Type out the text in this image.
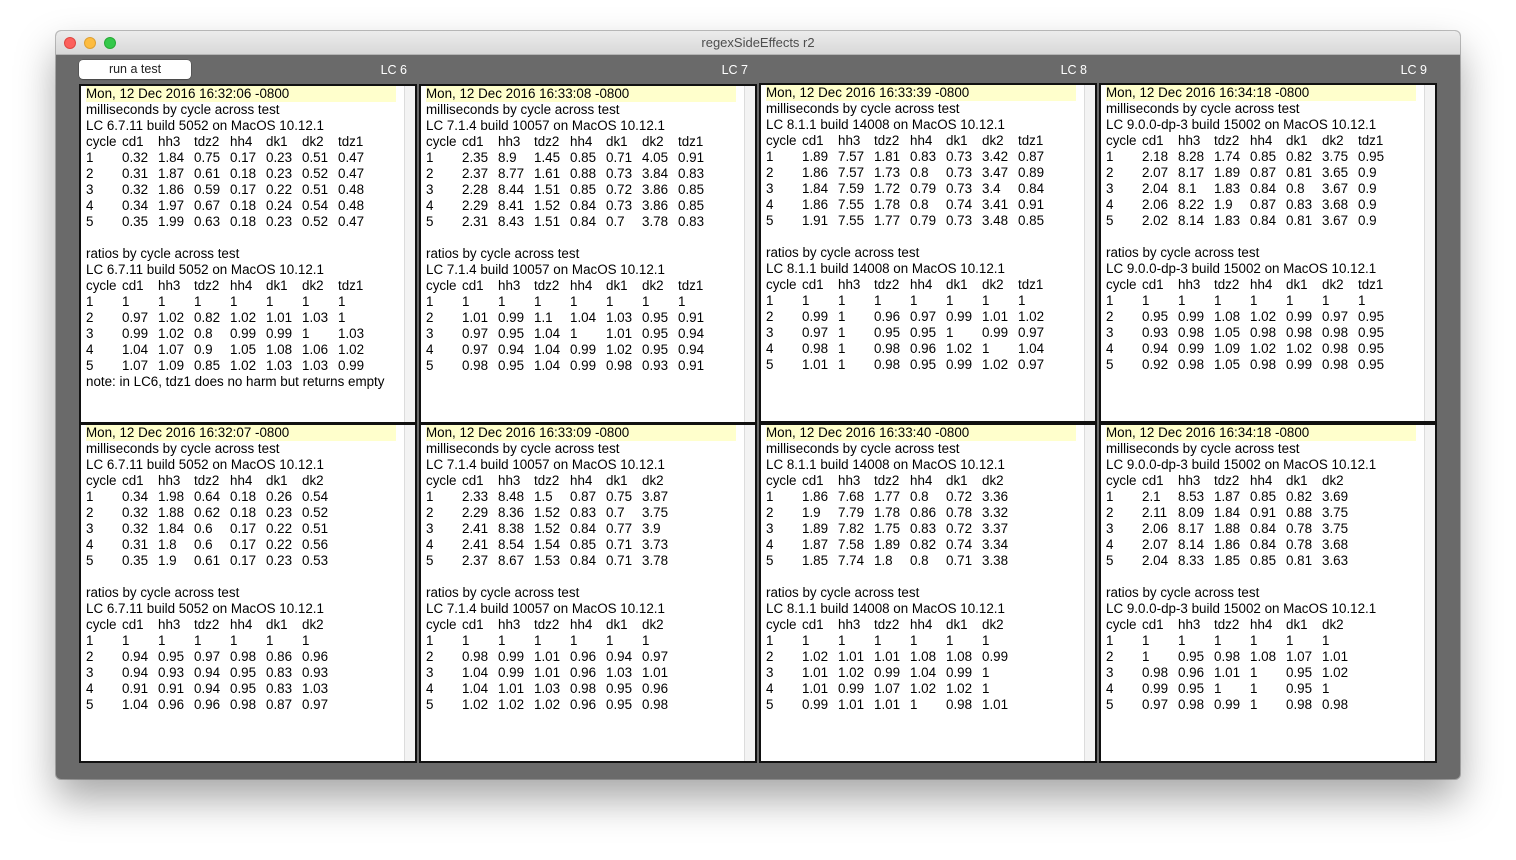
regexSideEffects r2
run a test	LC 6	LC 7	LC 8	LC 9
Mon, 12 Dec 2016 16:32:06 -0800
milliseconds by cycle across test
LC 6.7.11 build 5052 on MacOS 10.12.1
cycle cd1 hh3 tdz2 hh4 dk1 dk2 tdz1
1 0.32 1.84 0.75 0.17 0.23 0.51 0.47
2 0.31 1.87 0.61 0.18 0.23 0.52 0.47
3 0.32 1.86 0.59 0.17 0.22 0.51 0.48
4 0.34 1.97 0.67 0.18 0.24 0.54 0.48
5 0.35 1.99 0.63 0.18 0.23 0.52 0.47
ratios by cycle across test
LC 6.7.11 build 5052 on MacOS 10.12.1
cycle cd1 hh3 tdz2 hh4 dk1 dk2 tdz1
1 1 1 1 1 1 1 1
2 0.97 1.02 0.82 1.02 1.01 1.03 1
3 0.99 1.02 0.8 0.99 0.99 1 1.03
4 1.04 1.07 0.9 1.05 1.08 1.06 1.02
5 1.07 1.09 0.85 1.02 1.03 1.03 0.99
note: in LC6, tdz1 does no harm but returns empty
Mon, 12 Dec 2016 16:33:08 -0800
milliseconds by cycle across test
LC 7.1.4 build 10057 on MacOS 10.12.1
cycle cd1 hh3 tdz2 hh4 dk1 dk2 tdz1
1 2.35 8.9 1.45 0.85 0.71 4.05 0.91
2 2.37 8.77 1.61 0.88 0.73 3.84 0.83
3 2.28 8.44 1.51 0.85 0.72 3.86 0.85
4 2.29 8.41 1.52 0.84 0.73 3.86 0.85
5 2.31 8.43 1.51 0.84 0.7 3.78 0.83
ratios by cycle across test
LC 7.1.4 build 10057 on MacOS 10.12.1
cycle cd1 hh3 tdz2 hh4 dk1 dk2 tdz1
1 1 1 1 1 1 1 1
2 1.01 0.99 1.1 1.04 1.03 0.95 0.91
3 0.97 0.95 1.04 1 1.01 0.95 0.94
4 0.97 0.94 1.04 0.99 1.02 0.95 0.94
5 0.98 0.95 1.04 0.99 0.98 0.93 0.91
Mon, 12 Dec 2016 16:33:39 -0800
milliseconds by cycle across test
LC 8.1.1 build 14008 on MacOS 10.12.1
cycle cd1 hh3 tdz2 hh4 dk1 dk2 tdz1
1 1.89 7.57 1.81 0.83 0.73 3.42 0.87
2 1.86 7.57 1.73 0.8 0.73 3.47 0.89
3 1.84 7.59 1.72 0.79 0.73 3.4 0.84
4 1.86 7.55 1.78 0.8 0.74 3.41 0.91
5 1.91 7.55 1.77 0.79 0.73 3.48 0.85
ratios by cycle across test
LC 8.1.1 build 14008 on MacOS 10.12.1
cycle cd1 hh3 tdz2 hh4 dk1 dk2 tdz1
1 1 1 1 1 1 1 1
2 0.99 1 0.96 0.97 0.99 1.01 1.02
3 0.97 1 0.95 0.95 1 0.99 0.97
4 0.98 1 0.98 0.96 1.02 1 1.04
5 1.01 1 0.98 0.95 0.99 1.02 0.97
Mon, 12 Dec 2016 16:34:18 -0800
milliseconds by cycle across test
LC 9.0.0-dp-3 build 15002 on MacOS 10.12.1
cycle cd1 hh3 tdz2 hh4 dk1 dk2 tdz1
1 2.18 8.28 1.74 0.85 0.82 3.75 0.95
2 2.07 8.17 1.89 0.87 0.81 3.65 0.9
3 2.04 8.1 1.83 0.84 0.8 3.67 0.9
4 2.06 8.22 1.9 0.87 0.83 3.68 0.9
5 2.02 8.14 1.83 0.84 0.81 3.67 0.9
ratios by cycle across test
LC 9.0.0-dp-3 build 15002 on MacOS 10.12.1
cycle cd1 hh3 tdz2 hh4 dk1 dk2 tdz1
1 1 1 1 1 1 1 1
2 0.95 0.99 1.08 1.02 0.99 0.97 0.95
3 0.93 0.98 1.05 0.98 0.98 0.98 0.95
4 0.94 0.99 1.09 1.02 1.02 0.98 0.95
5 0.92 0.98 1.05 0.98 0.99 0.98 0.95
Mon, 12 Dec 2016 16:32:07 -0800
milliseconds by cycle across test
LC 6.7.11 build 5052 on MacOS 10.12.1
cycle cd1 hh3 tdz2 hh4 dk1 dk2
1 0.34 1.98 0.64 0.18 0.26 0.54
2 0.32 1.88 0.62 0.18 0.23 0.52
3 0.32 1.84 0.6 0.17 0.22 0.51
4 0.31 1.8 0.6 0.17 0.22 0.56
5 0.35 1.9 0.61 0.17 0.23 0.53
ratios by cycle across test
LC 6.7.11 build 5052 on MacOS 10.12.1
cycle cd1 hh3 tdz2 hh4 dk1 dk2
1 1 1 1 1 1 1
2 0.94 0.95 0.97 0.98 0.86 0.96
3 0.94 0.93 0.94 0.95 0.83 0.93
4 0.91 0.91 0.94 0.95 0.83 1.03
5 1.04 0.96 0.96 0.98 0.87 0.97
Mon, 12 Dec 2016 16:33:09 -0800
milliseconds by cycle across test
LC 7.1.4 build 10057 on MacOS 10.12.1
cycle cd1 hh3 tdz2 hh4 dk1 dk2
1 2.33 8.48 1.5 0.87 0.75 3.87
2 2.29 8.36 1.52 0.83 0.7 3.75
3 2.41 8.38 1.52 0.84 0.77 3.9
4 2.41 8.54 1.54 0.85 0.71 3.73
5 2.37 8.67 1.53 0.84 0.71 3.78
ratios by cycle across test
LC 7.1.4 build 10057 on MacOS 10.12.1
cycle cd1 hh3 tdz2 hh4 dk1 dk2
1 1 1 1 1 1 1
2 0.98 0.99 1.01 0.96 0.94 0.97
3 1.04 0.99 1.01 0.96 1.03 1.01
4 1.04 1.01 1.03 0.98 0.95 0.96
5 1.02 1.02 1.02 0.96 0.95 0.98
Mon, 12 Dec 2016 16:33:40 -0800
milliseconds by cycle across test
LC 8.1.1 build 14008 on MacOS 10.12.1
cycle cd1 hh3 tdz2 hh4 dk1 dk2
1 1.86 7.68 1.77 0.8 0.72 3.36
2 1.9 7.79 1.78 0.86 0.78 3.32
3 1.89 7.82 1.75 0.83 0.72 3.37
4 1.87 7.58 1.89 0.82 0.74 3.34
5 1.85 7.74 1.8 0.8 0.71 3.38
ratios by cycle across test
LC 8.1.1 build 14008 on MacOS 10.12.1
cycle cd1 hh3 tdz2 hh4 dk1 dk2
1 1 1 1 1 1 1
2 1.02 1.01 1.01 1.08 1.08 0.99
3 1.01 1.02 0.99 1.04 0.99 1
4 1.01 0.99 1.07 1.02 1.02 1
5 0.99 1.01 1.01 1 0.98 1.01
Mon, 12 Dec 2016 16:34:18 -0800
milliseconds by cycle across test
LC 9.0.0-dp-3 build 15002 on MacOS 10.12.1
cycle cd1 hh3 tdz2 hh4 dk1 dk2
1 2.1 8.53 1.87 0.85 0.82 3.69
2 2.11 8.09 1.84 0.91 0.88 3.75
3 2.06 8.17 1.88 0.84 0.78 3.75
4 2.07 8.14 1.86 0.84 0.78 3.68
5 2.04 8.33 1.85 0.85 0.81 3.63
ratios by cycle across test
LC 9.0.0-dp-3 build 15002 on MacOS 10.12.1
cycle cd1 hh3 tdz2 hh4 dk1 dk2
1 1 1 1 1 1 1
2 1 0.95 0.98 1.08 1.07 1.01
3 0.98 0.96 1.01 1 0.95 1.02
4 0.99 0.95 1 1 0.95 1
5 0.97 0.98 0.99 1 0.98 0.98
